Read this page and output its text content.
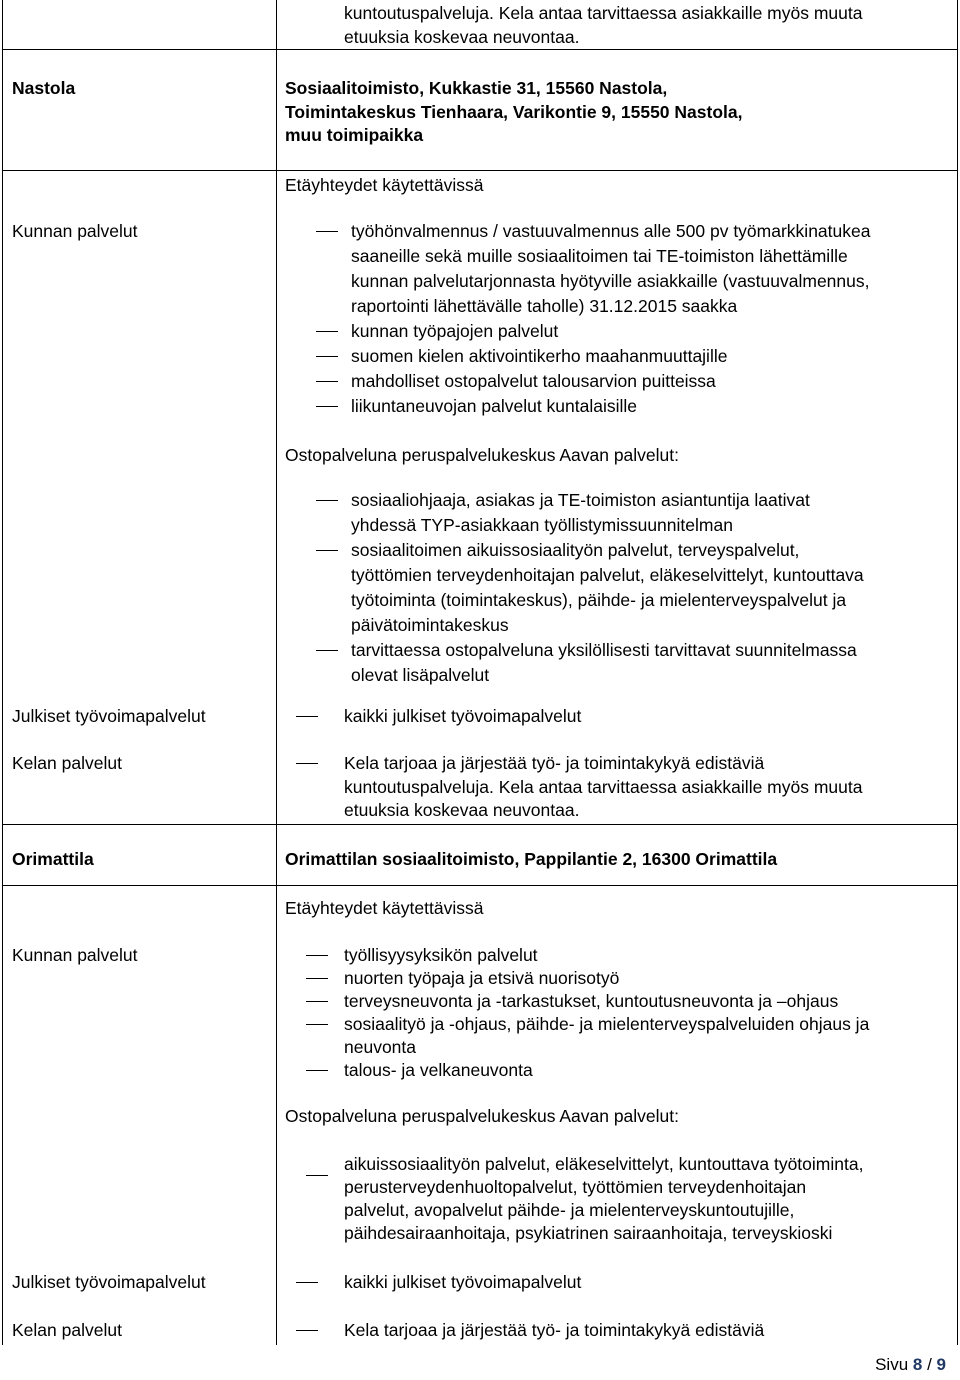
kuntoutuspalveluja. Kela antaa tarvittaessa asiakkaille myös muuta
etuuksia koskevaa neuvontaa.
Nastola	Sosiaalitoimisto, Kukkastie 31, 15560 Nastola,
Toimintakeskus Tienhaara, Varikontie 9, 15550 Nastola,
muu toimipaikka
Etäyhteydet käytettävissä
Kunnan palvelut	työhönvalmennus / vastuuvalmennus alle 500 pv työmarkkinatukea
saaneille sekä muille sosiaalitoimen tai TE-toimiston lähettämille
kunnan palvelutarjonnasta hyötyville asiakkaille (vastuuvalmennus,
raportointi lähettävälle taholle) 31.12.2015 saakka
kunnan työpajojen palvelut
suomen kielen aktivointikerho maahanmuuttajille
mahdolliset ostopalvelut talousarvion puitteissa
liikuntaneuvojan palvelut kuntalaisille
Ostopalveluna peruspalvelukeskus Aavan palvelut:
sosiaaliohjaaja, asiakas ja TE-toimiston asiantuntija laativat
yhdessä TYP-asiakkaan työllistymissuunnitelman
sosiaalitoimen aikuissosiaalityön palvelut, terveyspalvelut,
työttömien terveydenhoitajan palvelut, eläkeselvittelyt, kuntouttava
työtoiminta (toimintakeskus), päihde- ja mielenterveyspalvelut ja
päivätoimintakeskus
tarvittaessa ostopalveluna yksilöllisesti tarvittavat suunnitelmassa
olevat lisäpalvelut
Julkiset työvoimapalvelut	kaikki julkiset työvoimapalvelut
Kelan palvelut	Kela tarjoaa ja järjestää työ- ja toimintakykyä edistäviä
kuntoutuspalveluja. Kela antaa tarvittaessa asiakkaille myös muuta
etuuksia koskevaa neuvontaa.
Orimattila	Orimattilan sosiaalitoimisto, Pappilantie 2, 16300 Orimattila
Etäyhteydet käytettävissä
Kunnan palvelut	työllisyysyksikön palvelut
nuorten työpaja ja etsivä nuorisotyö
terveysneuvonta ja -tarkastukset, kuntoutusneuvonta ja –ohjaus
sosiaalityö ja -ohjaus, päihde- ja mielenterveyspalveluiden ohjaus ja
neuvonta
talous- ja velkaneuvonta
Ostopalveluna peruspalvelukeskus Aavan palvelut:
aikuissosiaalityön palvelut, eläkeselvittelyt, kuntouttava työtoiminta,
perusterveydenhuoltopalvelut, työttömien terveydenhoitajan
palvelut, avopalvelut päihde- ja mielenterveyskuntoutujille,
päihdesairaanhoitaja, psykiatrinen sairaanhoitaja, terveyskioski
Julkiset työvoimapalvelut	kaikki julkiset työvoimapalvelut
Kelan palvelut	Kela tarjoaa ja järjestää työ- ja toimintakykyä edistäviä
Sivu 8 / 9
